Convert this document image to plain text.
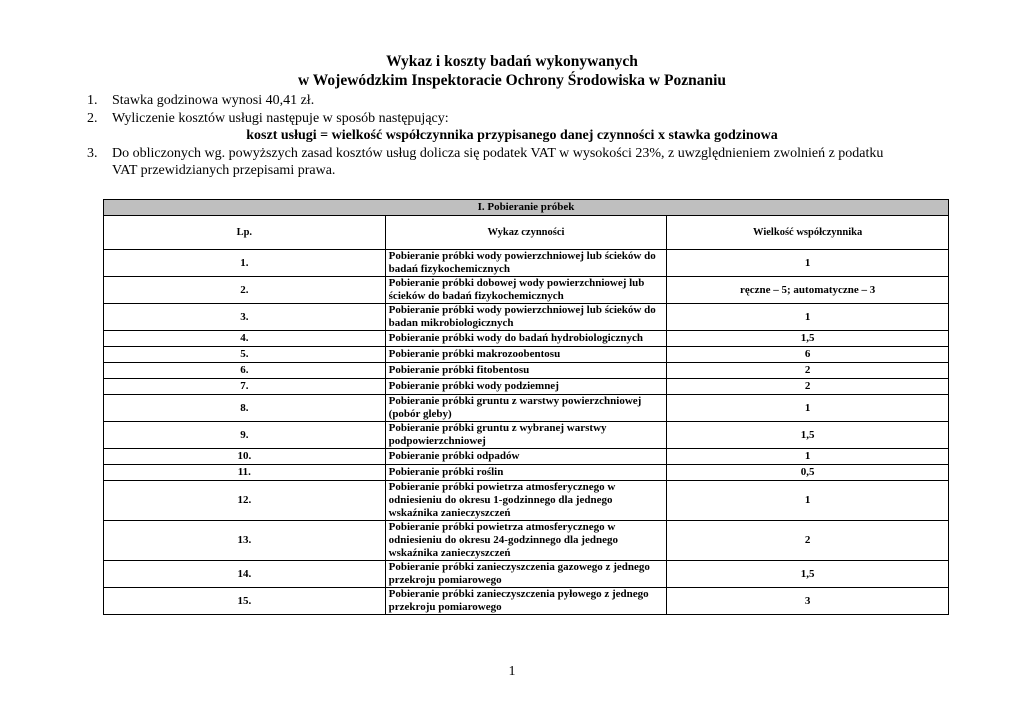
Wykaz i koszty badań wykonywanych
w Wojewódzkim Inspektoracie Ochrony Środowiska w Poznaniu
1. Stawka godzinowa wynosi 40,41 zł.
2. Wyliczenie kosztów usługi następuje w sposób następujący:
koszt usługi = wielkość współczynnika przypisanego danej czynności x stawka godzinowa
3. Do obliczonych wg. powyższych zasad kosztów usług dolicza się podatek VAT w wysokości 23%, z uwzględnieniem zwolnień z podatku
VAT przewidzianych przepisami prawa.
I. Pobieranie próbek		
Lp.	Wykaz czynności	Wielkość współczynnika
1.	Pobieranie próbki wody powierzchniowej lub ścieków do badań fizykochemicznych	1
2.	Pobieranie próbki dobowej wody powierzchniowej lub ścieków do badań fizykochemicznych	ręczne – 5; automatyczne – 3
3.	Pobieranie próbki wody powierzchniowej lub ścieków do badan mikrobiologicznych	1
4.	Pobieranie próbki wody do badań hydrobiologicznych	1,5
5.	Pobieranie próbki makrozoobentosu	6
6.	Pobieranie próbki fitobentosu	2
7.	Pobieranie próbki wody podziemnej	2
8.	Pobieranie próbki gruntu z warstwy powierzchniowej (pobór gleby)	1
9.	Pobieranie próbki gruntu z wybranej warstwy podpowierzchniowej	1,5
10.	Pobieranie próbki odpadów	1
11.	Pobieranie próbki roślin	0,5
12.	Pobieranie próbki powietrza atmosferycznego w odniesieniu do okresu 1-godzinnego dla jednego wskaźnika zanieczyszczeń	1
13.	Pobieranie próbki powietrza atmosferycznego w odniesieniu do okresu 24-godzinnego dla jednego wskaźnika zanieczyszczeń	2
14.	Pobieranie próbki zanieczyszczenia gazowego z jednego przekroju pomiarowego	1,5
15.	Pobieranie próbki zanieczyszczenia pyłowego z jednego przekroju pomiarowego	3
1
